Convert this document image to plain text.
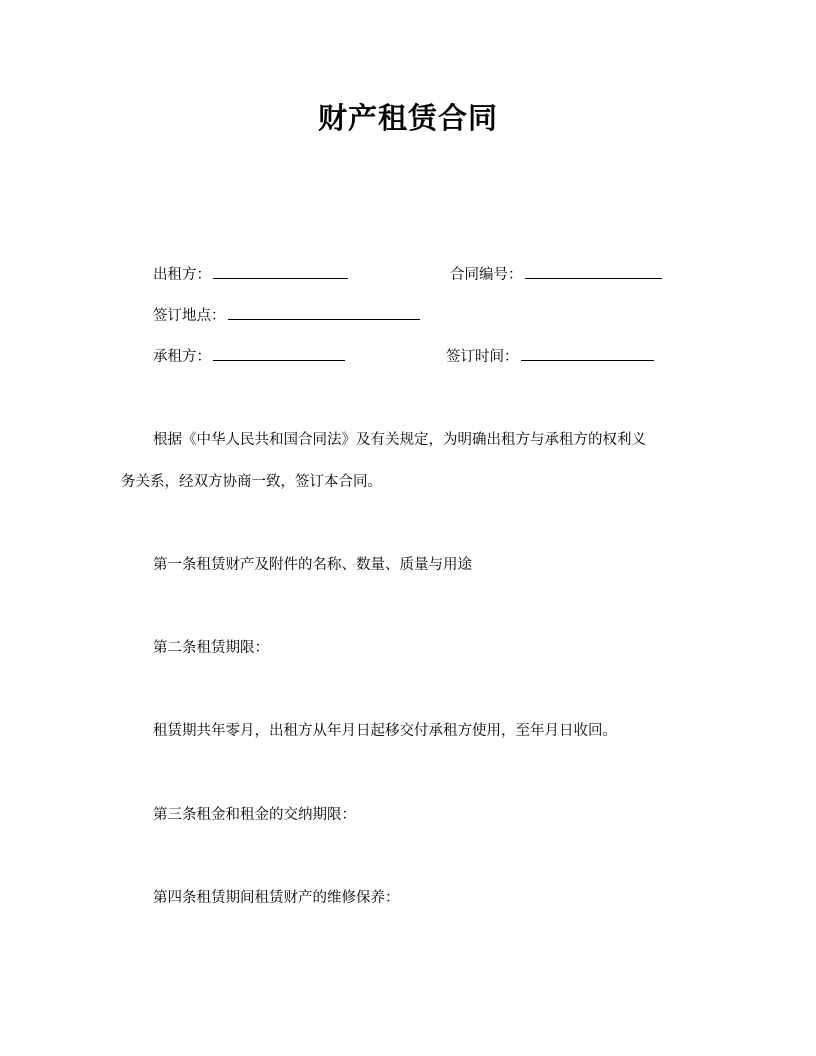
财产租赁合同
出租方：	合同编号：
签订地点：
承租方：	签订时间：
根据《中华人民共和国合同法》及有关规定，为明确出租方与承租方的权利义
务关系，经双方协商一致，签订本合同。
第一条租赁财产及附件的名称、数量、质量与用途
第二条租赁期限：
租赁期共年零月，出租方从年月日起移交付承租方使用，至年月日收回。
第三条租金和租金的交纳期限：
第四条租赁期间租赁财产的维修保养：
